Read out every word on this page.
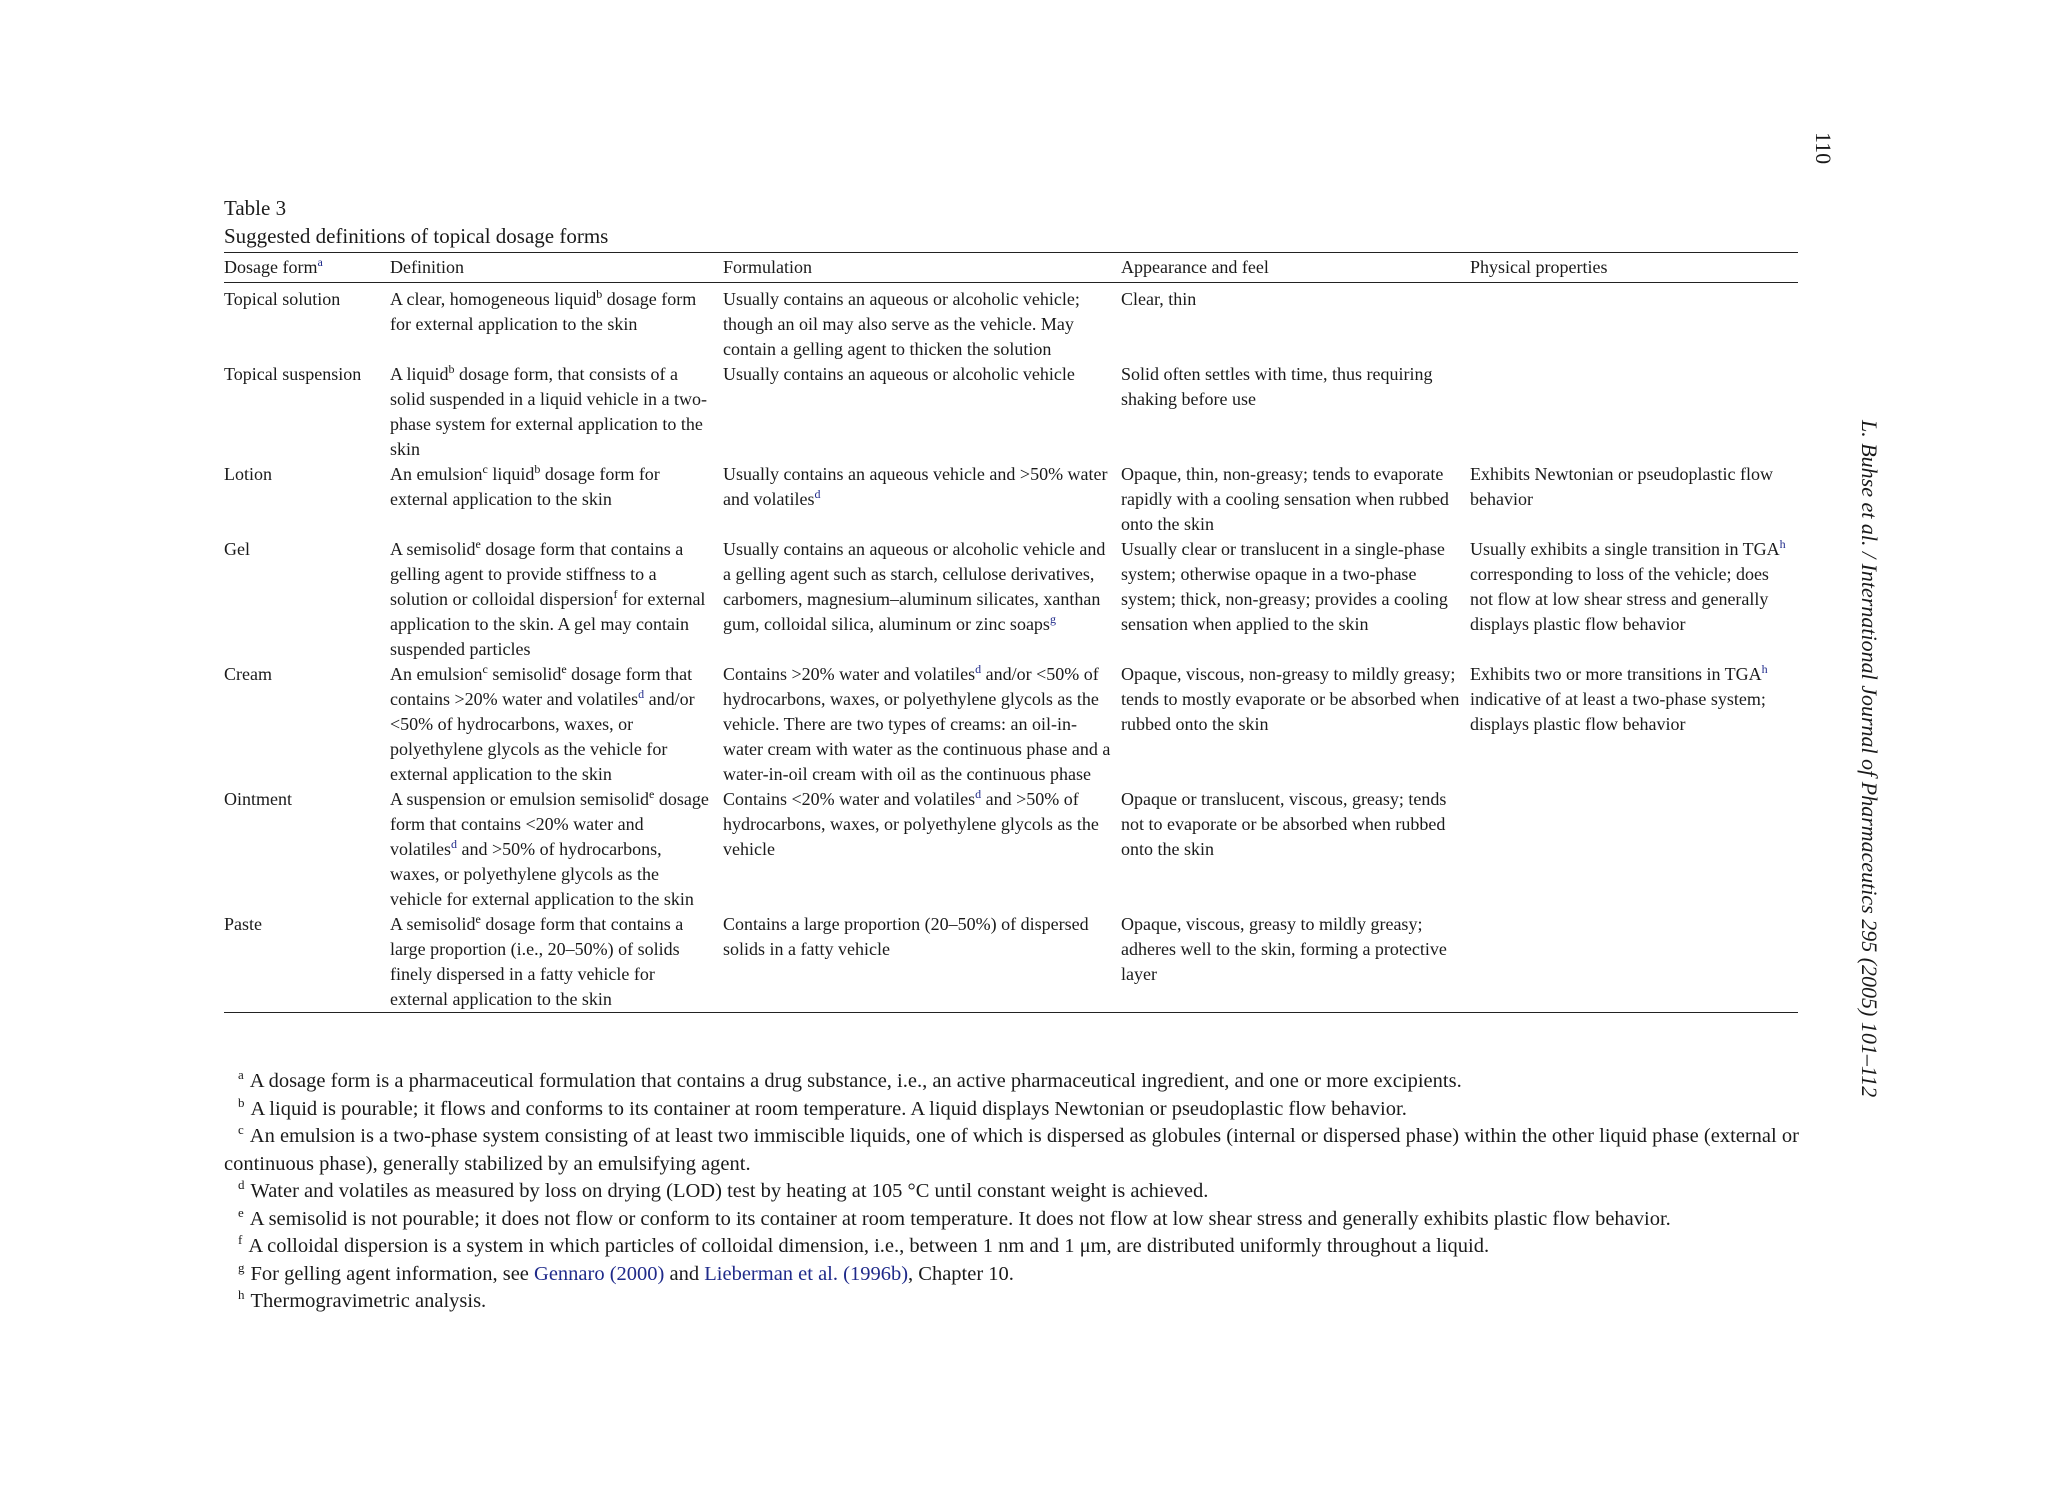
110
L. Buhse et al. / International Journal of Pharmaceutics 295 (2005) 101–112
Table 3
Suggested definitions of topical dosage forms
Dosage form$^a$	Definition	Formulation	Appearance and feel	Physical properties
Topical solution	A clear, homogeneous liquid$^b$ dosage form for external application to the skin	Usually contains an aqueous or alcoholic vehicle; though an oil may also serve as the vehicle. May contain a gelling agent to thicken the solution	Clear, thin	
Topical suspension	A liquid$^b$ dosage form, that consists of a solid suspended in a liquid vehicle in a two-phase system for external application to the skin	Usually contains an aqueous or alcoholic vehicle	Solid often settles with time, thus requiring shaking before use	
Lotion	An emulsion$^c$ liquid$^b$ dosage form for external application to the skin	Usually contains an aqueous vehicle and >50% water and volatiles$^d$	Opaque, thin, non-greasy; tends to evaporate rapidly with a cooling sensation when rubbed onto the skin	Exhibits Newtonian or pseudoplastic flow behavior
Gel	A semisolid$^e$ dosage form that contains a gelling agent to provide stiffness to a solution or colloidal dispersion$^f$ for external application to the skin. A gel may contain suspended particles	Usually contains an aqueous or alcoholic vehicle and a gelling agent such as starch, cellulose derivatives, carbomers, magnesium–aluminum silicates, xanthan gum, colloidal silica, aluminum or zinc soaps$^g$	Usually clear or translucent in a single-phase system; otherwise opaque in a two-phase system; thick, non-greasy; provides a cooling sensation when applied to the skin	Usually exhibits a single transition in TGA$^h$ corresponding to loss of the vehicle; does not flow at low shear stress and generally displays plastic flow behavior
Cream	An emulsion$^c$ semisolid$^e$ dosage form that contains >20% water and volatiles$^d$ and/or <50% of hydrocarbons, waxes, or polyethylene glycols as the vehicle for external application to the skin	Contains >20% water and volatiles$^d$ and/or <50% of hydrocarbons, waxes, or polyethylene glycols as the vehicle. There are two types of creams: an oil-in-water cream with water as the continuous phase and a water-in-oil cream with oil as the continuous phase	Opaque, viscous, non-greasy to mildly greasy; tends to mostly evaporate or be absorbed when rubbed onto the skin	Exhibits two or more transitions in TGA$^h$ indicative of at least a two-phase system; displays plastic flow behavior
Ointment	A suspension or emulsion semisolid$^e$ dosage form that contains <20% water and volatiles$^d$ and >50% of hydrocarbons, waxes, or polyethylene glycols as the vehicle for external application to the skin	Contains <20% water and volatiles$^d$ and >50% of hydrocarbons, waxes, or polyethylene glycols as the vehicle	Opaque or translucent, viscous, greasy; tends not to evaporate or be absorbed when rubbed onto the skin	
Paste	A semisolid$^e$ dosage form that contains a large proportion (i.e., 20–50%) of solids finely dispersed in a fatty vehicle for external application to the skin	Contains a large proportion (20–50%) of dispersed solids in a fatty vehicle	Opaque, viscous, greasy to mildly greasy; adheres well to the skin, forming a protective layer	
$^a$ A dosage form is a pharmaceutical formulation that contains a drug substance, i.e., an active pharmaceutical ingredient, and one or more excipients.
$^b$ A liquid is pourable; it flows and conforms to its container at room temperature. A liquid displays Newtonian or pseudoplastic flow behavior.
$^c$ An emulsion is a two-phase system consisting of at least two immiscible liquids, one of which is dispersed as globules (internal or dispersed phase) within the other liquid phase (external or continuous phase), generally stabilized by an emulsifying agent.
$^d$ Water and volatiles as measured by loss on drying (LOD) test by heating at 105 °C until constant weight is achieved.
$^e$ A semisolid is not pourable; it does not flow or conform to its container at room temperature. It does not flow at low shear stress and generally exhibits plastic flow behavior.
$^f$ A colloidal dispersion is a system in which particles of colloidal dimension, i.e., between 1 nm and 1 μm, are distributed uniformly throughout a liquid.
$^g$ For gelling agent information, see Gennaro (2000) and Lieberman et al. (1996b), Chapter 10.
$^h$ Thermogravimetric analysis.
